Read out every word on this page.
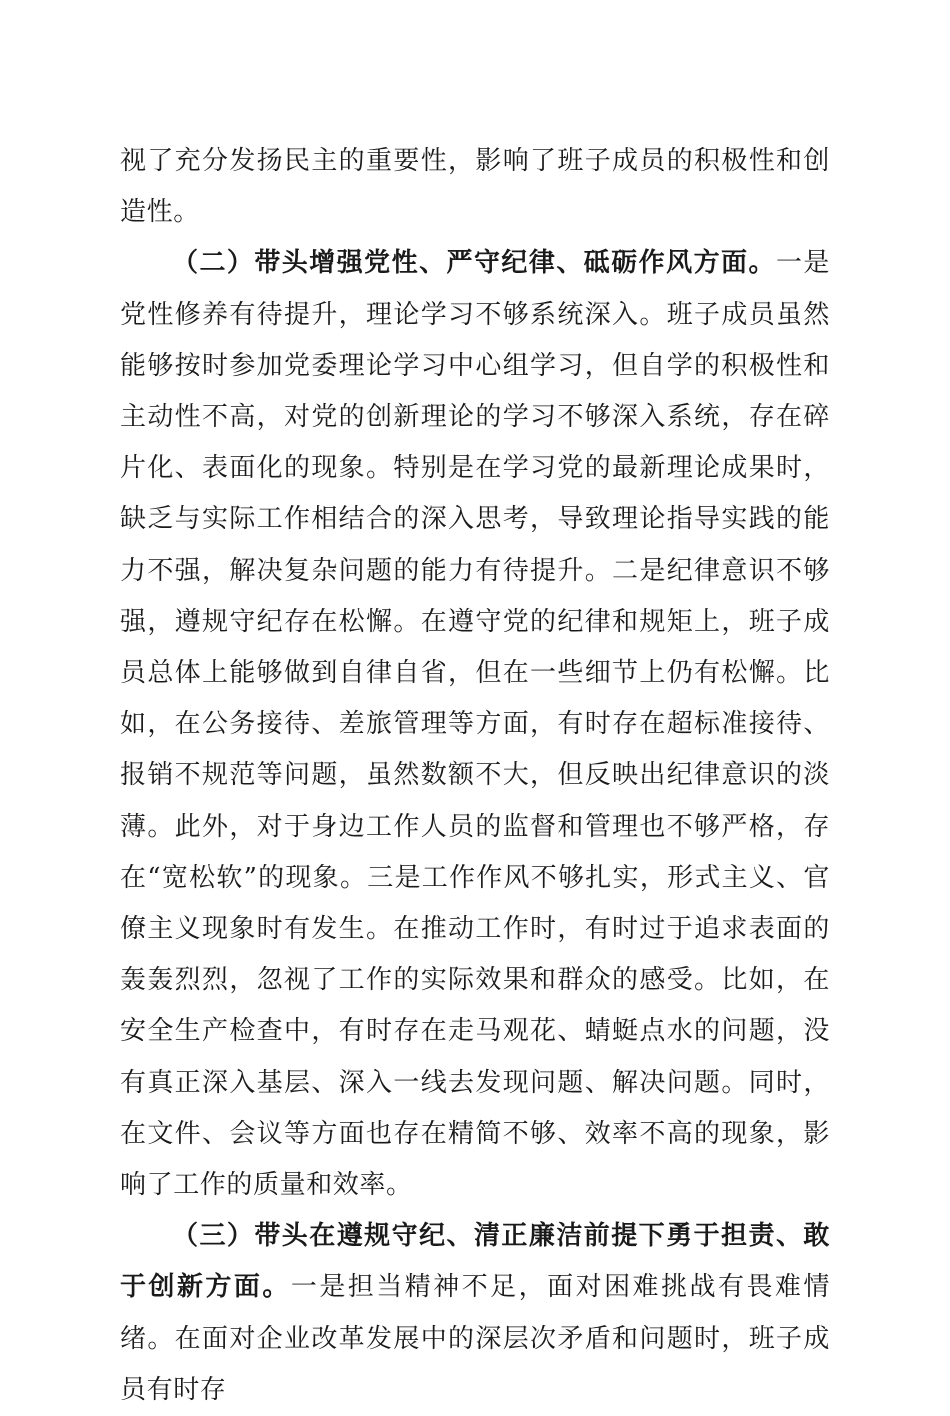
视了充分发扬民主的重要性，影响了班子成员的积极性和创造性。

（二）带头增强党性、严守纪律、砥砺作风方面。一是党性修养有待提升，理论学习不够系统深入。班子成员虽然能够按时参加党委理论学习中心组学习，但自学的积极性和主动性不高，对党的创新理论的学习不够深入系统，存在碎片化、表面化的现象。特别是在学习党的最新理论成果时，缺乏与实际工作相结合的深入思考，导致理论指导实践的能力不强，解决复杂问题的能力有待提升。二是纪律意识不够强，遵规守纪存在松懈。在遵守党的纪律和规矩上，班子成员总体上能够做到自律自省，但在一些细节上仍有松懈。比如，在公务接待、差旅管理等方面，有时存在超标准接待、报销不规范等问题，虽然数额不大，但反映出纪律意识的淡薄。此外，对于身边工作人员的监督和管理也不够严格，存在“宽松软”的现象。三是工作作风不够扎实，形式主义、官僚主义现象时有发生。在推动工作时，有时过于追求表面的轰轰烈烈，忽视了工作的实际效果和群众的感受。比如，在安全生产检查中，有时存在走马观花、蜻蜓点水的问题，没有真正深入基层、深入一线去发现问题、解决问题。同时，在文件、会议等方面也存在精简不够、效率不高的现象，影响了工作的质量和效率。

（三）带头在遵规守纪、清正廉洁前提下勇于担责、敢于创新方面。一是担当精神不足，面对困难挑战有畏难情绪。在面对企业改革发展中的深层次矛盾和问题时，班子成员有时存
